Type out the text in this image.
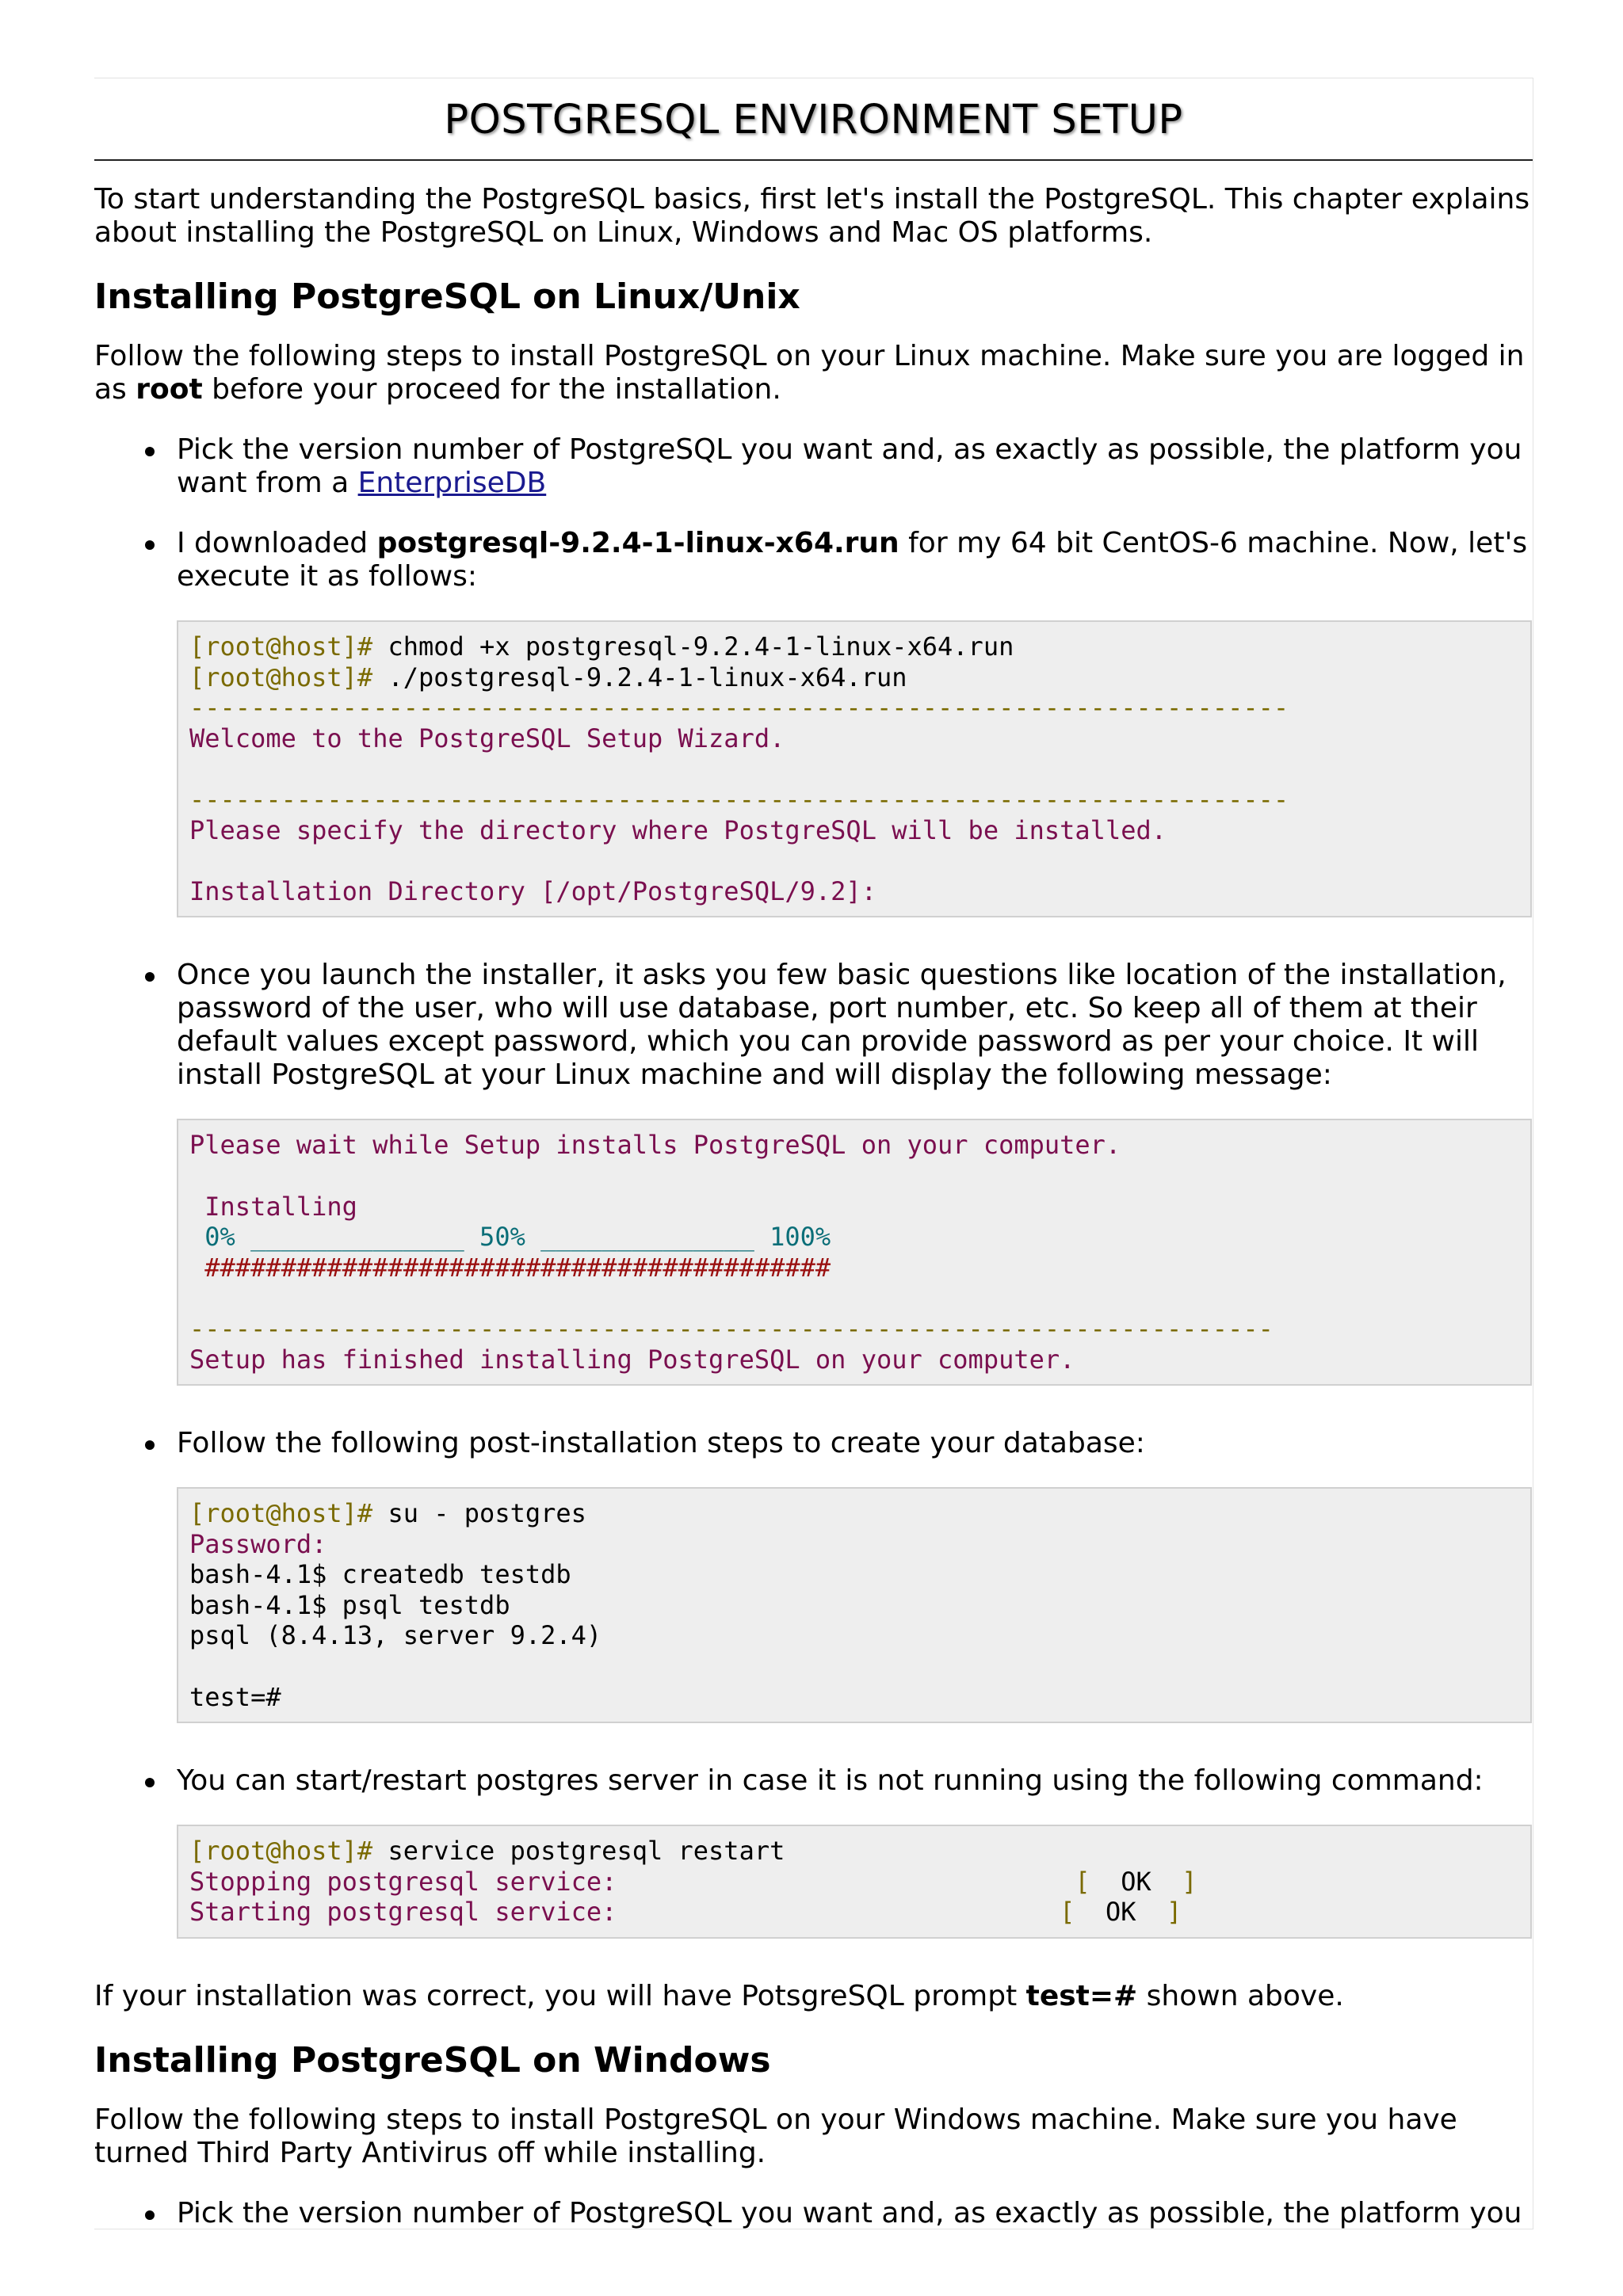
POSTGRESQL ENVIRONMENT SETUP

To start understanding the PostgreSQL basics, first let's install the PostgreSQL. This chapter explains about installing the PostgreSQL on Linux, Windows and Mac OS platforms.

Installing PostgreSQL on Linux/Unix

Follow the following steps to install PostgreSQL on your Linux machine. Make sure you are logged in as root before your proceed for the installation.

Pick the version number of PostgreSQL you want and, as exactly as possible, the platform you want from a EnterpriseDB
I downloaded postgresql-9.2.4-1-linux-x64.run for my 64 bit CentOS-6 machine. Now, let's execute it as follows:
[root@host]# chmod +x postgresql-9.2.4-1-linux-x64.run
[root@host]# ./postgresql-9.2.4-1-linux-x64.run
------------------------------------------------------------------------
Welcome to the PostgreSQL Setup Wizard.

------------------------------------------------------------------------
Please specify the directory where PostgreSQL will be installed.

Installation Directory [/opt/PostgreSQL/9.2]:
Once you launch the installer, it asks you few basic questions like location of the installation, password of the user, who will use database, port number, etc. So keep all of them at their default values except password, which you can provide password as per your choice. It will install PostgreSQL at your Linux machine and will display the following message:
Please wait while Setup installs PostgreSQL on your computer.

Installing
0% ______________ 50% ______________ 100%
#########################################

-----------------------------------------------------------------------
Setup has finished installing PostgreSQL on your computer.
Follow the following post-installation steps to create your database:
[root@host]# su - postgres
Password:
bash-4.1$ createdb testdb
bash-4.1$ psql testdb
psql (8.4.13, server 9.2.4)

test=#
You can start/restart postgres server in case it is not running using the following command:
[root@host]# service postgresql restart
Stopping postgresql service:	[ OK ]
Starting postgresql service:	[ OK ]

If your installation was correct, you will have PotsgreSQL prompt test=# shown above.

Installing PostgreSQL on Windows

Follow the following steps to install PostgreSQL on your Windows machine. Make sure you have turned Third Party Antivirus off while installing.

Pick the version number of PostgreSQL you want and, as exactly as possible, the platform you
